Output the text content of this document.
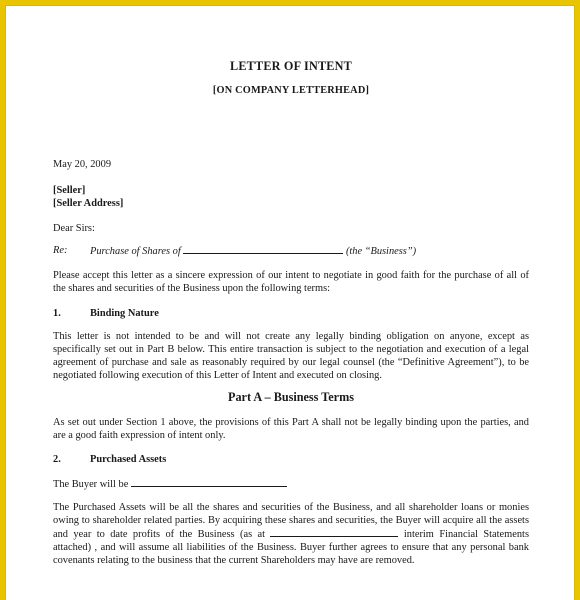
LETTER OF INTENT
[ON COMPANY LETTERHEAD]
May 20, 2009
[Seller]
[Seller Address]
Dear Sirs:
Re: Purchase of Shares of	(the “Business”)
Please accept this letter as a sincere expression of our intent to negotiate in good faith for the purchase of all of the shares and securities of the Business upon the following terms:
1.	Binding Nature
This letter is not intended to be and will not create any legally binding obligation on anyone, except as specifically set out in Part B below. This entire transaction is subject to the negotiation and execution of a legal agreement of purchase and sale as reasonably required by our legal counsel (the “Definitive Agreement”), to be negotiated following execution of this Letter of Intent and executed on closing.
Part A – Business Terms
As set out under Section 1 above, the provisions of this Part A shall not be legally binding upon the parties, and are a good faith expression of intent only.
2.	Purchased Assets
The Buyer will be
The Purchased Assets will be all the shares and securities of the Business, and all shareholder loans or monies owing to shareholder related parties. By acquiring these shares and securities, the Buyer will acquire all the assets and year to date profits of the Business (as at	interim Financial Statements attached) , and will assume all liabilities of the Business. Buyer further agrees to ensure that any personal bank covenants relating to the business that the current Shareholders may have are removed.
